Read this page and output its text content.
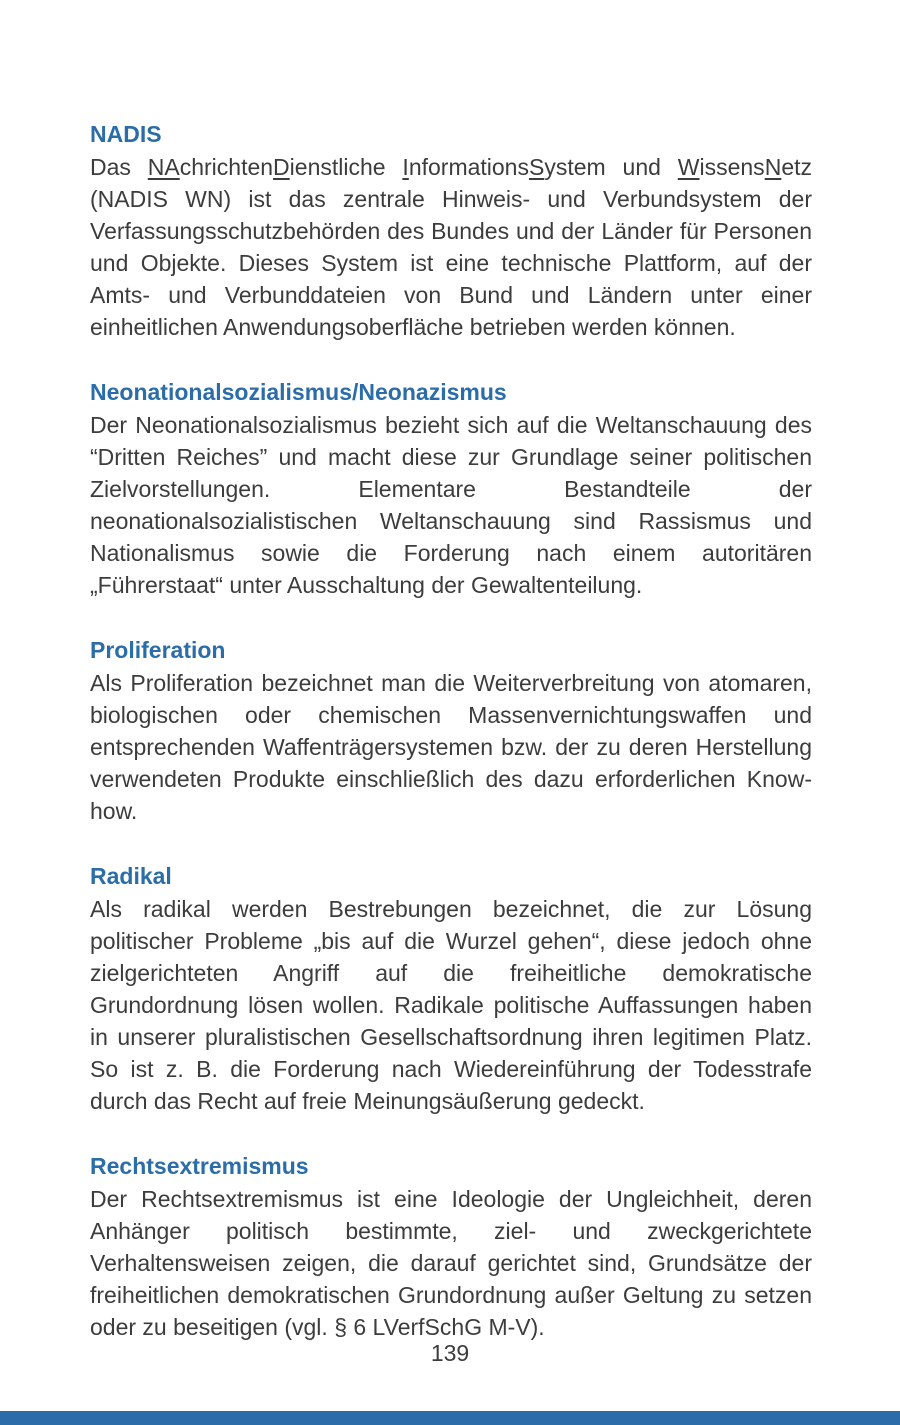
NADIS

Das NAchrichtenDienstliche InformationsSystem und WissensNetz (NADIS WN) ist das zentrale Hinweis- und Verbundsystem der Verfassungsschutzbehörden des Bundes und der Länder für Personen und Objekte. Dieses System ist eine technische Plattform, auf der Amts- und Verbunddateien von Bund und Ländern unter einer einheitlichen Anwendungsoberfläche betrieben werden können.

Neonationalsozialismus/Neonazismus

Der Neonationalsozialismus bezieht sich auf die Weltanschauung des “Dritten Reiches” und macht diese zur Grundlage seiner politischen Zielvorstellungen. Elementare Bestandteile der neonationalsozialistischen Weltanschauung sind Rassismus und Nationalismus sowie die Forderung nach einem autoritären „Führerstaat“ unter Ausschaltung der Gewaltenteilung.

Proliferation

Als Proliferation bezeichnet man die Weiterverbreitung von atomaren, biologischen oder chemischen Massenvernichtungswaffen und entsprechenden Waffenträgersystemen bzw. der zu deren Herstellung verwendeten Produkte einschließlich des dazu erforderlichen Know-how.

Radikal

Als radikal werden Bestrebungen bezeichnet, die zur Lösung politischer Probleme „bis auf die Wurzel gehen“, diese jedoch ohne zielgerichteten Angriff auf die freiheitliche demokratische Grundordnung lösen wollen. Radikale politische Auffassungen haben in unserer pluralistischen Gesellschaftsordnung ihren legitimen Platz. So ist z. B. die Forderung nach Wiedereinführung der Todesstrafe durch das Recht auf freie Meinungsäußerung gedeckt.

Rechtsextremismus

Der Rechtsextremismus ist eine Ideologie der Ungleichheit, deren Anhänger politisch bestimmte, ziel- und zweckgerichtete Verhaltensweisen zeigen, die darauf gerichtet sind, Grundsätze der freiheitlichen demokratischen Grundordnung außer Geltung zu setzen oder zu beseitigen (vgl. § 6 LVerfSchG M-V).

139
